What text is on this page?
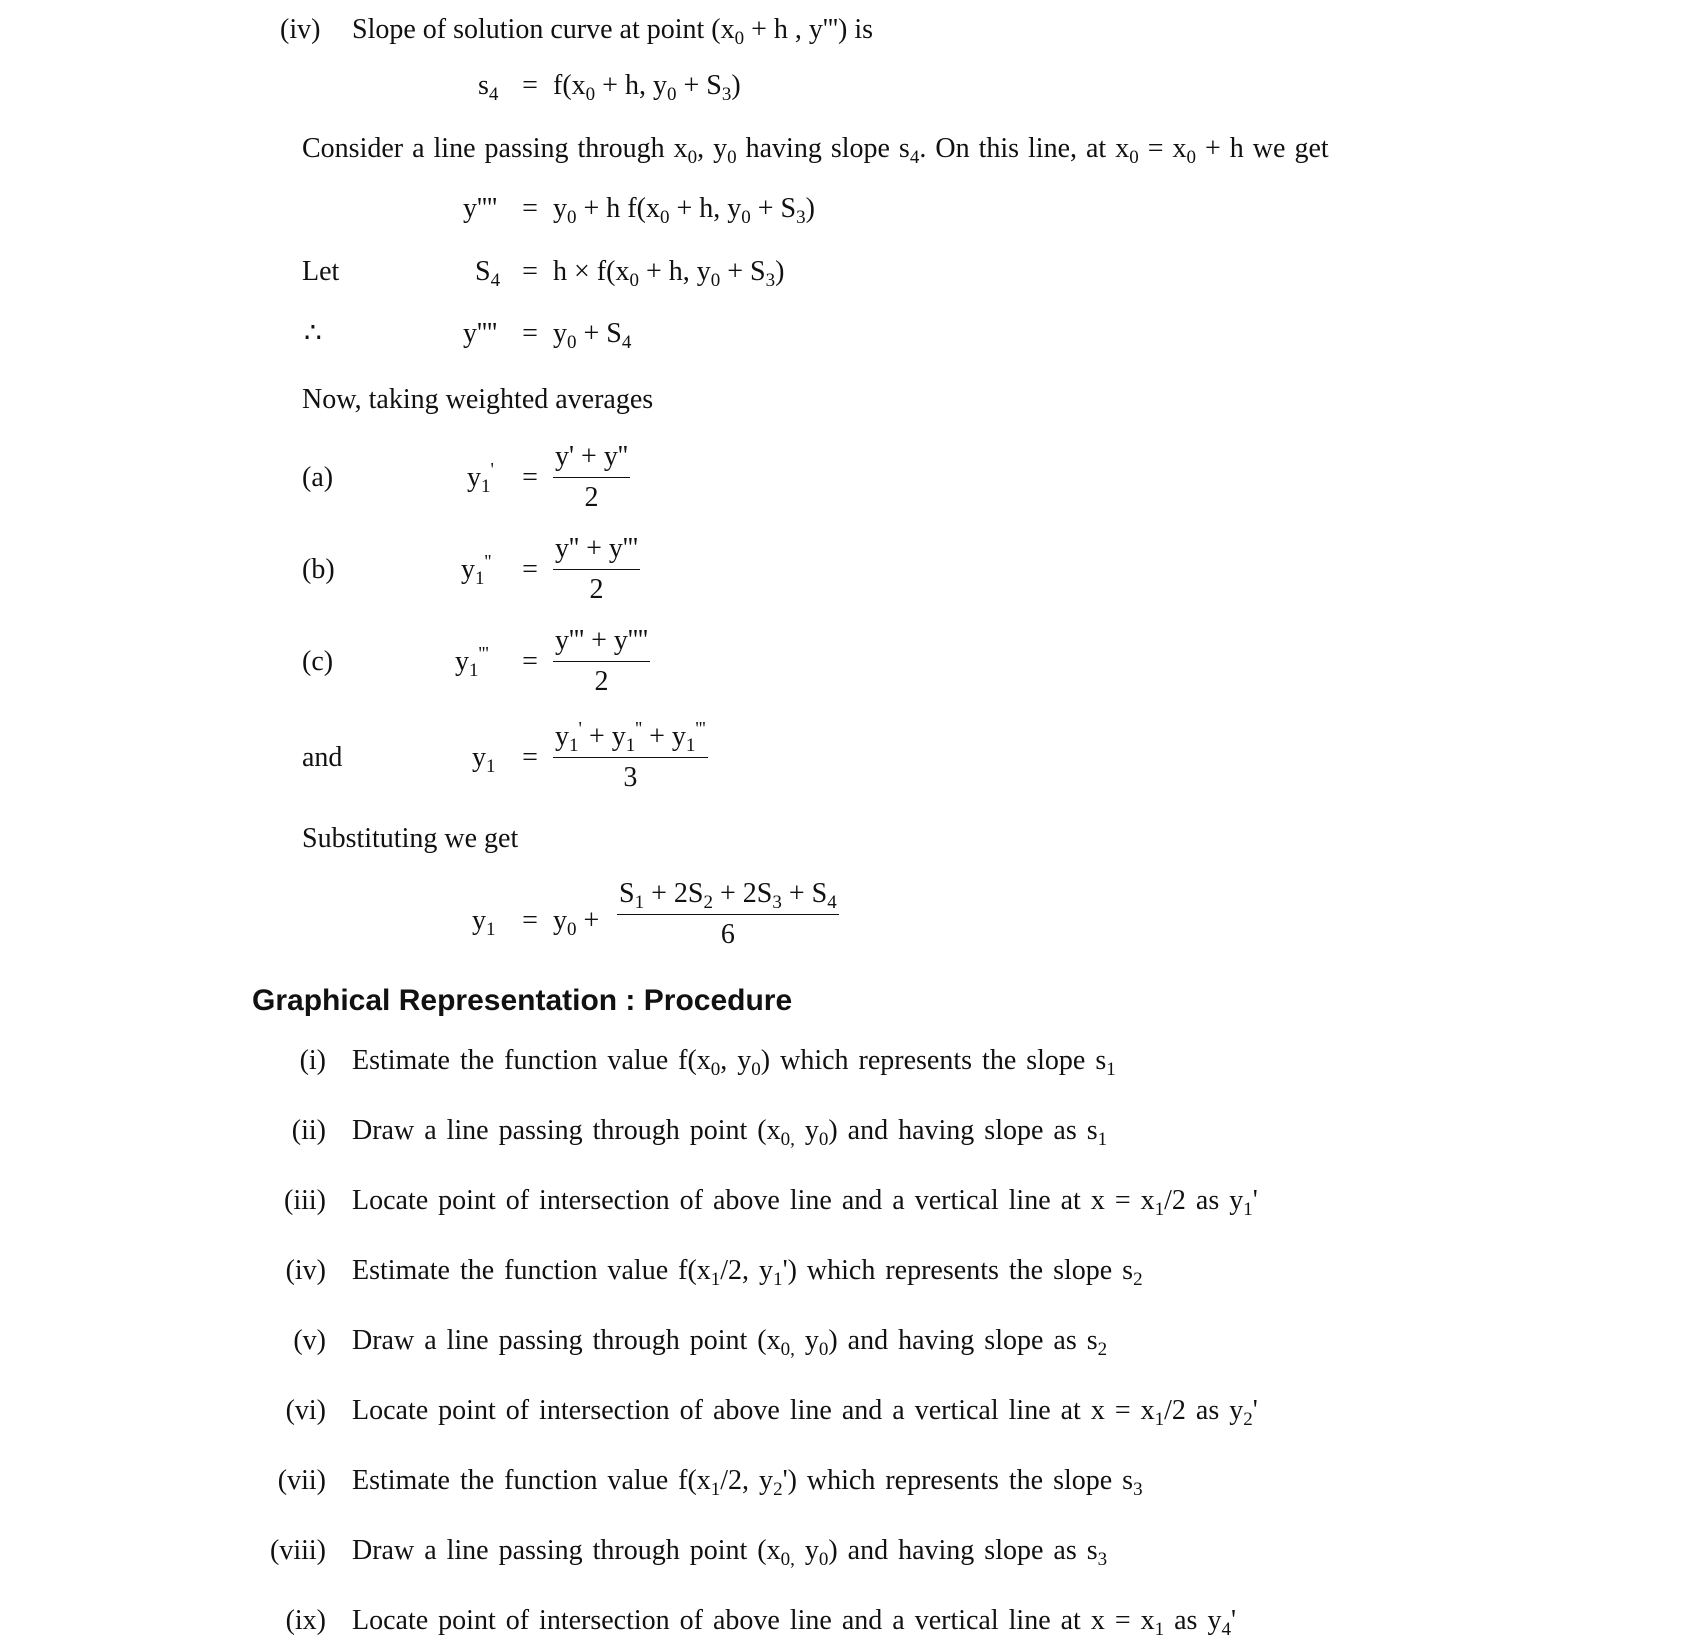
(iv) Slope of solution curve at point ($x_0 + h$ , y''') is
$s_4 = f(x_0 + h$, $y_0 + S_3$)
Consider a line passing through $x_0$, $y_0$ having slope $s_4$. On this line, at $x_0 = x_0 + h$ we get
$y'''' = y_0 + h$ $f(x_0 + h$, $y_0 + S_3$)
Let	$S_4 = h \times f(x_0 + h$, $y_0 + S_3$)
∴	$y'''' = y_0 + S_4$
Now, taking weighted averages
(a)	$y_1' = \frac{y' + y''}{2}$
(b)	$y_1'' = \frac{y'' + y'''}{2}$
(c)	$y_1''' = \frac{y''' + y''''}{2}$
and	$y_1 = \frac{y_1' + y_1'' + y_1'''}{3}$
Substituting we get
$y_1 = y_0 + \frac{S_1 + 2S_2 + 2S_3 + S_4}{6}$
Graphical Representation : Procedure
(i) Estimate the function value $f(x_0$, $y_0$) which represents the slope $s_1$
(ii) Draw a line passing through point ($x_{0,}$ $y_0$) and having slope as $s_1$
(iii) Locate point of intersection of above line and a vertical line at $x = x_1/2$ as $y_1'$
(iv) Estimate the function value $f(x_1/2$, $y_1'$) which represents the slope $s_2$
(v) Draw a line passing through point ($x_{0,}$ $y_0$) and having slope as $s_2$
(vi) Locate point of intersection of above line and a vertical line at $x = x_1/2$ as $y_2'$
(vii) Estimate the function value $f(x_1/2$, $y_2'$) which represents the slope $s_3$
(viii) Draw a line passing through point ($x_{0,}$ $y_0$) and having slope as $s_3$
(ix) Locate point of intersection of above line and a vertical line at $x = x_1$ as $y_4'$
